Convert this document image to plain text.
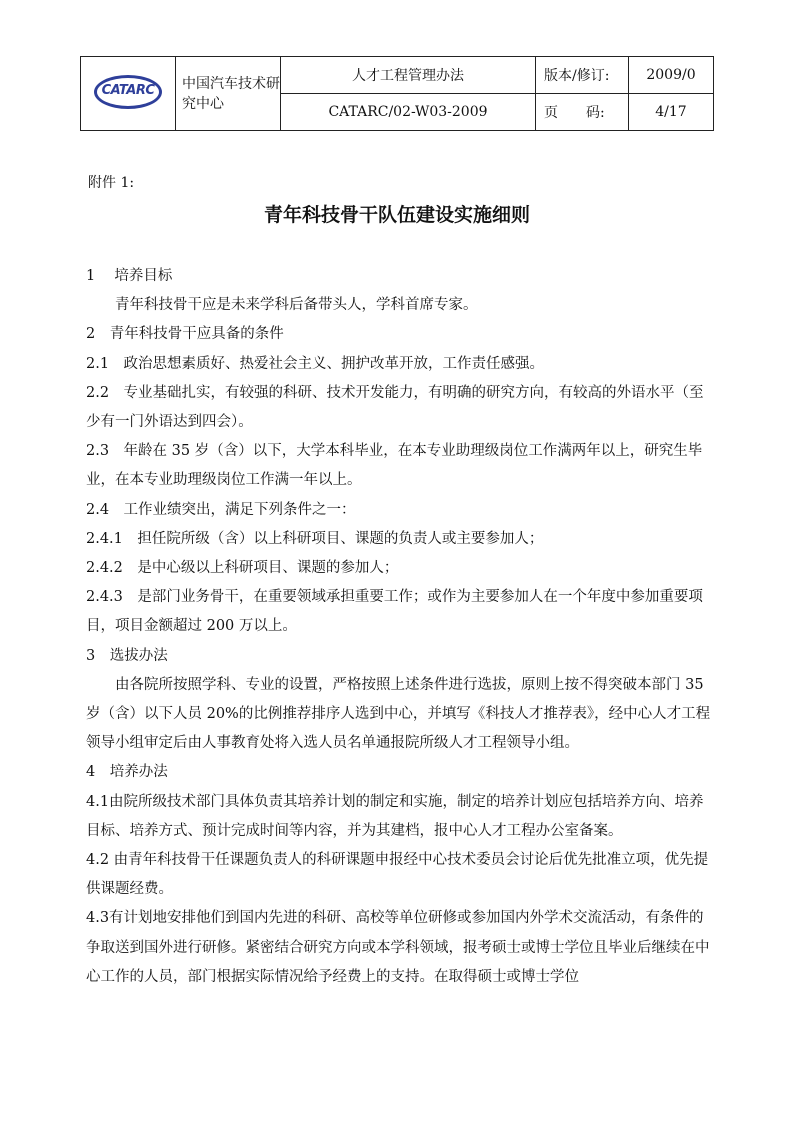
CATARC	中国汽车技术研究中心	人才工程管理办法	版本/修订:	2009/0
		CATARC/02-W03-2009	页　　码:	4/17
附件 1:
青年科技骨干队伍建设实施细则

1　 培养目标

青年科技骨干应是未来学科后备带头人，学科首席专家。

2　青年科技骨干应具备的条件

2.1　政治思想素质好、热爱社会主义、拥护改革开放，工作责任感强。

2.2　专业基础扎实，有较强的科研、技术开发能力，有明确的研究方向，有较高的外语水平（至少有一门外语达到四会）。

2.3　年龄在 35 岁（含）以下，大学本科毕业，在本专业助理级岗位工作满两年以上，研究生毕业，在本专业助理级岗位工作满一年以上。

2.4　工作业绩突出，满足下列条件之一：

2.4.1　担任院所级（含）以上科研项目、课题的负责人或主要参加人；

2.4.2　是中心级以上科研项目、课题的参加人；

2.4.3　是部门业务骨干，在重要领域承担重要工作；或作为主要参加人在一个年度中参加重要项目，项目金额超过 200 万以上。

3　选拔办法

由各院所按照学科、专业的设置，严格按照上述条件进行选拔，原则上按不得突破本部门 35 岁（含）以下人员 20%的比例推荐排序人选到中心，并填写《科技人才推荐表》，经中心人才工程领导小组审定后由人事教育处将入选人员名单通报院所级人才工程领导小组。

4　培养办法

4.1由院所级技术部门具体负责其培养计划的制定和实施，制定的培养计划应包括培养方向、培养目标、培养方式、预计完成时间等内容，并为其建档，报中心人才工程办公室备案。

4.2 由青年科技骨干任课题负责人的科研课题申报经中心技术委员会讨论后优先批准立项，优先提供课题经费。

4.3有计划地安排他们到国内先进的科研、高校等单位研修或参加国内外学术交流活动，有条件的争取送到国外进行研修。紧密结合研究方向或本学科领域，报考硕士或博士学位且毕业后继续在中心工作的人员，部门根据实际情况给予经费上的支持。在取得硕士或博士学位
